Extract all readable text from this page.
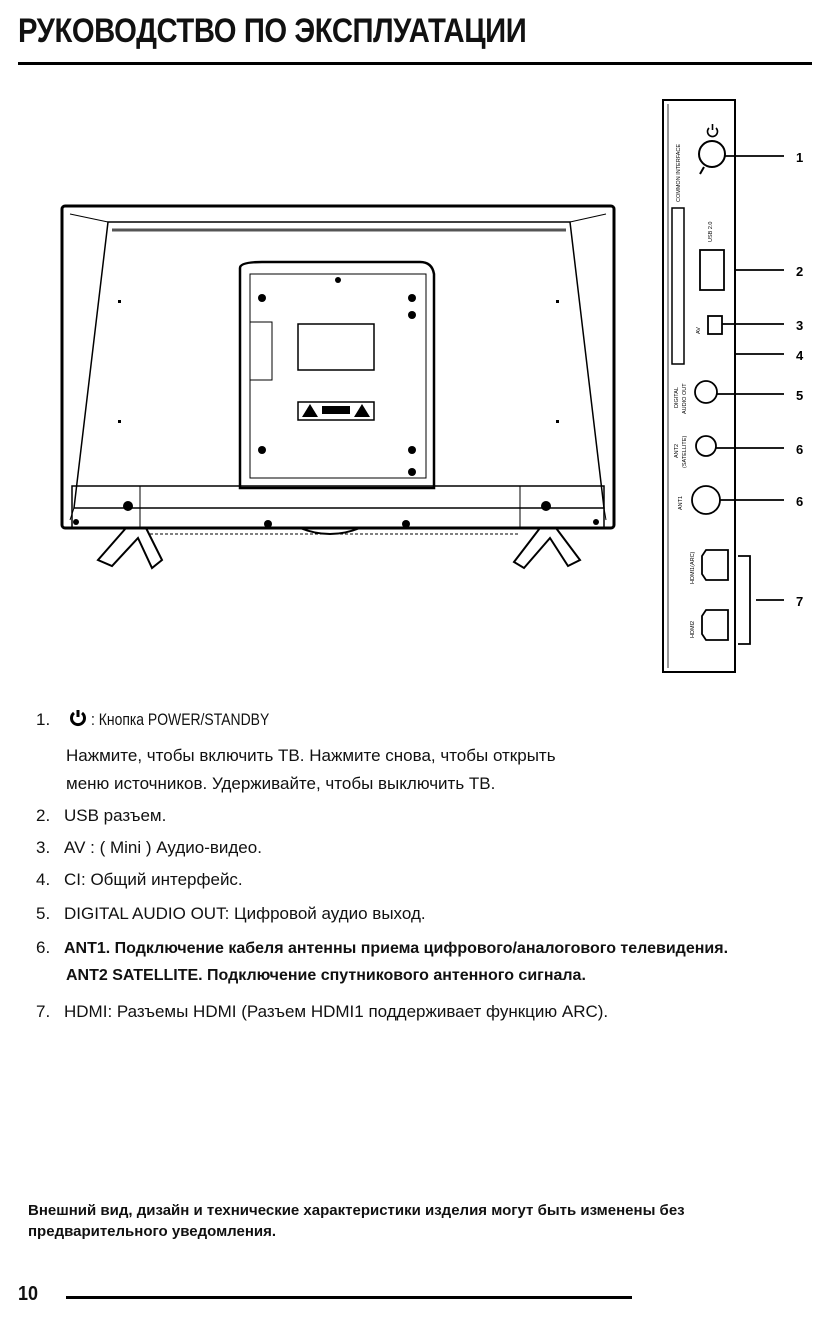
РУКОВОДСТВО ПО ЭКСПЛУАТАЦИИ
COMMON INTERFACE
USB 2.0
AV
DIGITAL AUDIO OUT
ANT2 (SATELLITE)
ANT1
HDMI1(ARC)
HDMI2
1
2
3
4
5
6
6
7
1. : Кнопка POWER/STANDBY
Нажмите, чтобы включить ТВ. Нажмите снова, чтобы открыть
меню источников. Удерживайте, чтобы выключить ТВ.
2. USB разъем.
3. AV : ( Mini ) Аудио-видео.
4. CI: Общий интерфейс.
5. DIGITAL AUDIO OUT: Цифровой аудио выход.
6. ANT1. Подключение кабеля антенны приема цифрового/аналогового телевидения.
ANT2 SATELLITE. Подключение спутникового антенного сигнала.
7. HDMI: Разъемы HDMI (Разъем HDMI1 поддерживает функцию ARC).
Внешний вид, дизайн и технические характеристики изделия могут быть изменены без предварительного уведомления.
10
